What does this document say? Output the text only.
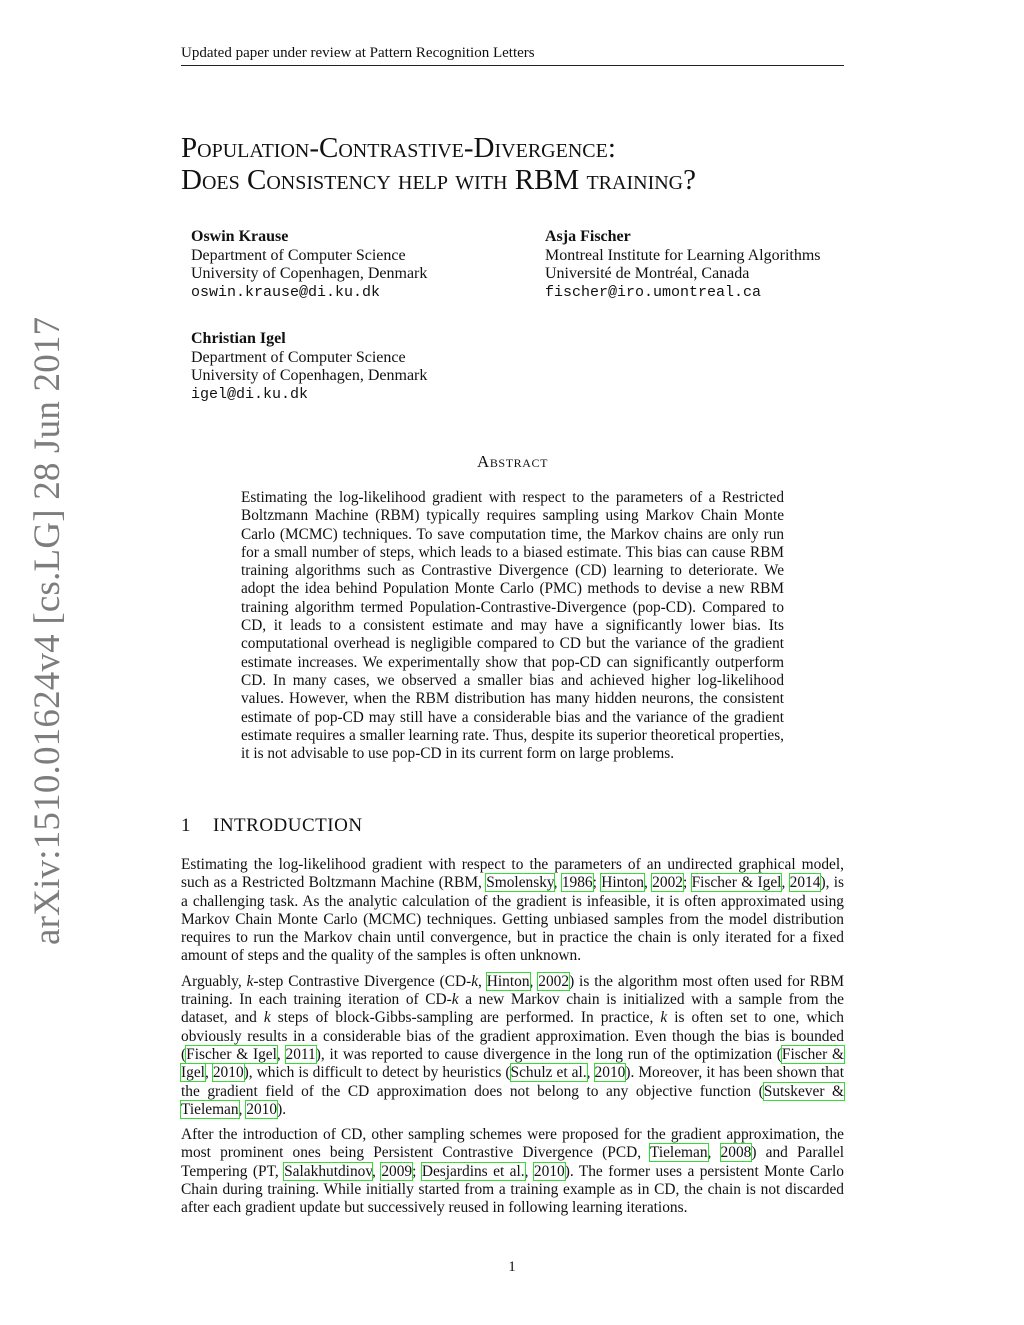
Updated paper under review at Pattern Recognition Letters
arXiv:1510.01624v4 [cs.LG] 28 Jun 2017
Population-Contrastive-Divergence:
Does Consistency help with RBM training?
Oswin Krause
Department of Computer Science
University of Copenhagen, Denmark
oswin.krause@di.ku.dk
Asja Fischer
Montreal Institute for Learning Algorithms
Université de Montréal, Canada
fischer@iro.umontreal.ca
Christian Igel
Department of Computer Science
University of Copenhagen, Denmark
igel@di.ku.dk
Abstract

Estimating the log-likelihood gradient with respect to the parameters of a Restricted Boltzmann Machine (RBM) typically requires sampling using Markov Chain Monte Carlo (MCMC) techniques. To save computation time, the Markov chains are only run for a small number of steps, which leads to a biased estimate. This bias can cause RBM training algorithms such as Contrastive Divergence (CD) learning to deteriorate. We adopt the idea behind Population Monte Carlo (PMC) methods to devise a new RBM training algorithm termed Population-Contrastive-Divergence (pop-CD). Compared to CD, it leads to a consistent estimate and may have a significantly lower bias. Its computational overhead is negligible compared to CD but the variance of the gradient estimate increases. We experimentally show that pop-CD can significantly outperform CD. In many cases, we observed a smaller bias and achieved higher log-likelihood values. However, when the RBM distribution has many hidden neurons, the consistent estimate of pop-CD may still have a considerable bias and the variance of the gradient estimate requires a smaller learning rate. Thus, despite its superior theoretical properties, it is not advisable to use pop-CD in its current form on large problems.

1 INTRODUCTION

Estimating the log-likelihood gradient with respect to the parameters of an undirected graphical model, such as a Restricted Boltzmann Machine (RBM, Smolensky, 1986; Hinton, 2002; Fischer & Igel, 2014), is a challenging task. As the analytic calculation of the gradient is infeasible, it is often approximated using Markov Chain Monte Carlo (MCMC) techniques. Getting unbiased samples from the model distribution requires to run the Markov chain until convergence, but in practice the chain is only iterated for a fixed amount of steps and the quality of the samples is often unknown.

Arguably, k-step Contrastive Divergence (CD-k, Hinton, 2002) is the algorithm most often used for RBM training. In each training iteration of CD-k a new Markov chain is initialized with a sample from the dataset, and k steps of block-Gibbs-sampling are performed. In practice, k is often set to one, which obviously results in a considerable bias of the gradient approximation. Even though the bias is bounded (Fischer & Igel, 2011), it was reported to cause divergence in the long run of the optimization (Fischer & Igel, 2010), which is difficult to detect by heuristics (Schulz et al., 2010). Moreover, it has been shown that the gradient field of the CD approximation does not belong to any objective function (Sutskever & Tieleman, 2010).

After the introduction of CD, other sampling schemes were proposed for the gradient approximation, the most prominent ones being Persistent Contrastive Divergence (PCD, Tieleman, 2008) and Parallel Tempering (PT, Salakhutdinov, 2009; Desjardins et al., 2010). The former uses a persistent Monte Carlo Chain during training. While initially started from a training example as in CD, the chain is not discarded after each gradient update but successively reused in following learning iterations.

1
